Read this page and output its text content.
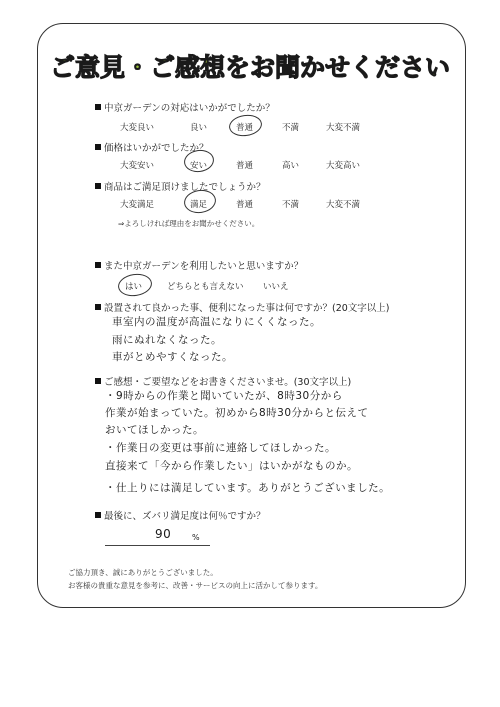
ご意見・ご感想をお聞かせください
中京ガーデンの対応はいかがでしたか？
大変良い	良い	普通	不満	大変不満
価格はいかがでしたか？
大変安い	安い	普通	高い	大変高い
商品はご満足頂けましたでしょうか？
大変満足	満足	普通	不満	大変不満
⇒よろしければ理由をお聞かせください。
また中京ガーデンを利用したいと思いますか？
はい	どちらとも言えない いいえ
設置されて良かった事、便利になった事は何ですか？(20文字以上)
車室内の温度が高温になりにくくなった。
雨にぬれなくなった。
車がとめやすくなった。
ご感想・ご要望などをお書きくださいませ。(30文字以上)
・9時からの作業と聞いていたが、8時30分から
作業が始まっていた。初めから8時30分からと伝えて
おいてほしかった。
・作業日の変更は事前に連絡してほしかった。
直接来て「今から作業したい」はいかがなものか。
・仕上りには満足しています。ありがとうございました。
最後に、ズバリ満足度は何％ですか？
90	%
ご協力頂き、誠にありがとうございました。
お客様の貴重な意見を参考に、改善・サービスの向上に活かして参ります。
